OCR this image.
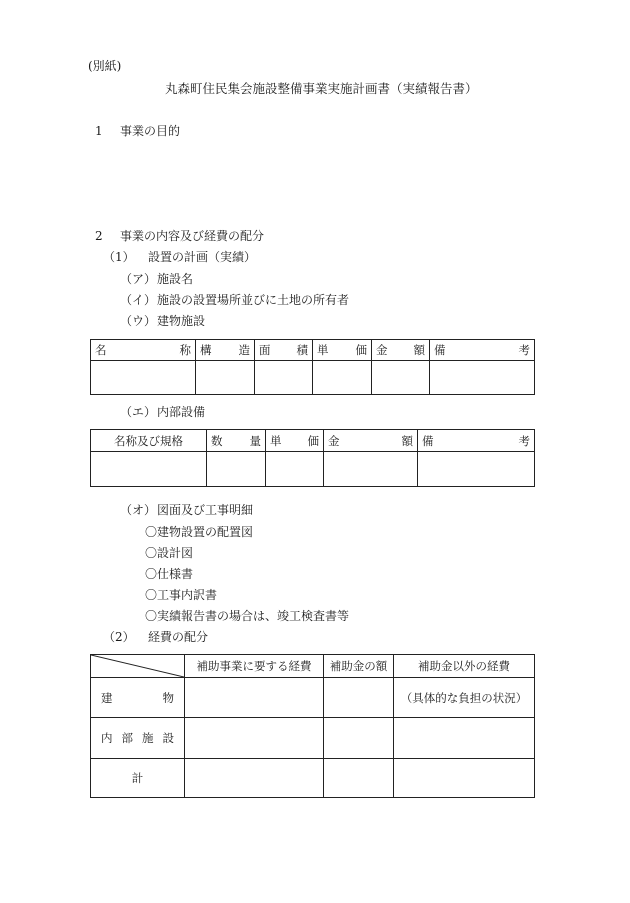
(別紙)
丸森町住民集会施設整備事業実施計画書（実績報告書）
1 事業の目的
2 事業の内容及び経費の配分
（1） 設置の計画（実績）
（ア） 施設名
（イ） 施設の設置場所並びに土地の所有者
（ウ） 建物施設
名 称	構 造	面 積	単 価	金 額	備 考

（エ） 内部設備
名称及び規格	数 量	単 価	金 額	備 考

（オ） 図面及び工事明細
〇建物設置の配置図
〇設計図
〇仕様書
〇工事内訳書
〇実績報告書の場合は、竣工検査書等
（2） 経費の配分
	補助事業に要する経費	補助金の額	補助金以外の経費

建 物			（具体的な負担の状況）

内 部 施 設			

計			
